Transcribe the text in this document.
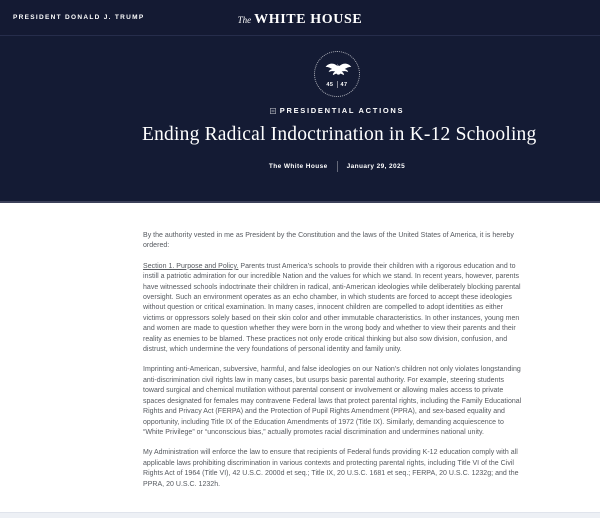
PRESIDENT DONALD J. TRUMP	The WHITE HOUSE
45 47
PRESIDENTIAL ACTIONS
Ending Radical Indoctrination in K-12 Schooling
The White House	January 29, 2025

By the authority vested in me as President by the Constitution and the laws of the United States of America, it is hereby ordered:

Section 1. Purpose and Policy. Parents trust America’s schools to provide their children with a rigorous education and to instill a patriotic admiration for our incredible Nation and the values for which we stand. In recent years, however, parents have witnessed schools indoctrinate their children in radical, anti-American ideologies while deliberately blocking parental oversight. Such an environment operates as an echo chamber, in which students are forced to accept these ideologies without question or critical examination. In many cases, innocent children are compelled to adopt identities as either victims or oppressors solely based on their skin color and other immutable characteristics. In other instances, young men and women are made to question whether they were born in the wrong body and whether to view their parents and their reality as enemies to be blamed. These practices not only erode critical thinking but also sow division, confusion, and distrust, which undermine the very foundations of personal identity and family unity.

Imprinting anti-American, subversive, harmful, and false ideologies on our Nation’s children not only violates longstanding anti-discrimination civil rights law in many cases, but usurps basic parental authority. For example, steering students toward surgical and chemical mutilation without parental consent or involvement or allowing males access to private spaces designated for females may contravene Federal laws that protect parental rights, including the Family Educational Rights and Privacy Act (FERPA) and the Protection of Pupil Rights Amendment (PPRA), and sex-based equality and opportunity, including Title IX of the Education Amendments of 1972 (Title IX). Similarly, demanding acquiescence to “White Privilege” or “unconscious bias,” actually promotes racial discrimination and undermines national unity.

My Administration will enforce the law to ensure that recipients of Federal funds providing K-12 education comply with all applicable laws prohibiting discrimination in various contexts and protecting parental rights, including Title VI of the Civil Rights Act of 1964 (Title VI), 42 U.S.C. 2000d et seq.; Title IX, 20 U.S.C. 1681 et seq.; FERPA, 20 U.S.C. 1232g; and the PPRA, 20 U.S.C. 1232h.
